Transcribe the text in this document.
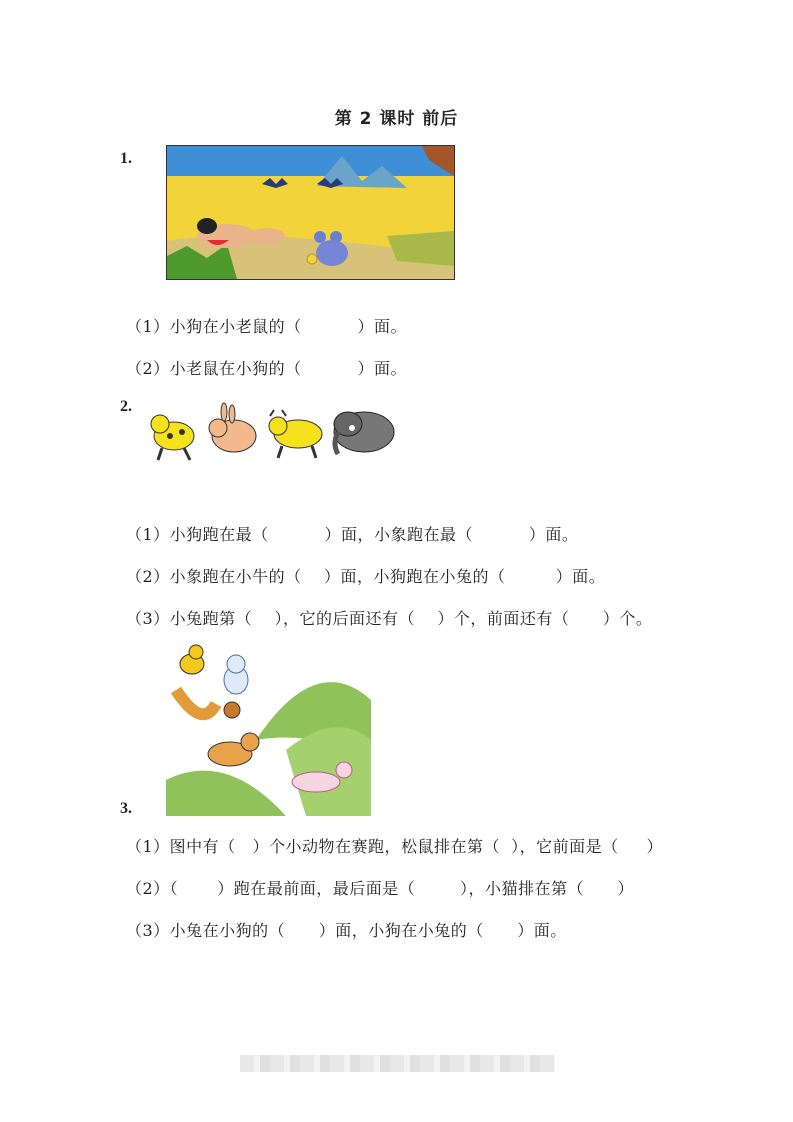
第 2 课时 前后
1.
（1）小狗在小老鼠的（          ）面。
（2）小老鼠在小狗的（          ）面。
2.
（1）小狗跑在最（          ）面，小象跑在最（          ）面。
（2）小象跑在小牛的（    ）面，小狗跑在小兔的（         ）面。
（3）小兔跑第（    ），它的后面还有（    ）个，前面还有（      ）个。
3.
（1）图中有（   ）个小动物在赛跑，松鼠排在第（  ），它前面是（     ）
（2）（       ）跑在最前面，最后面是（        ），小猫排在第（      ）
（3）小兔在小狗的（      ）面，小狗在小兔的（      ）面。
